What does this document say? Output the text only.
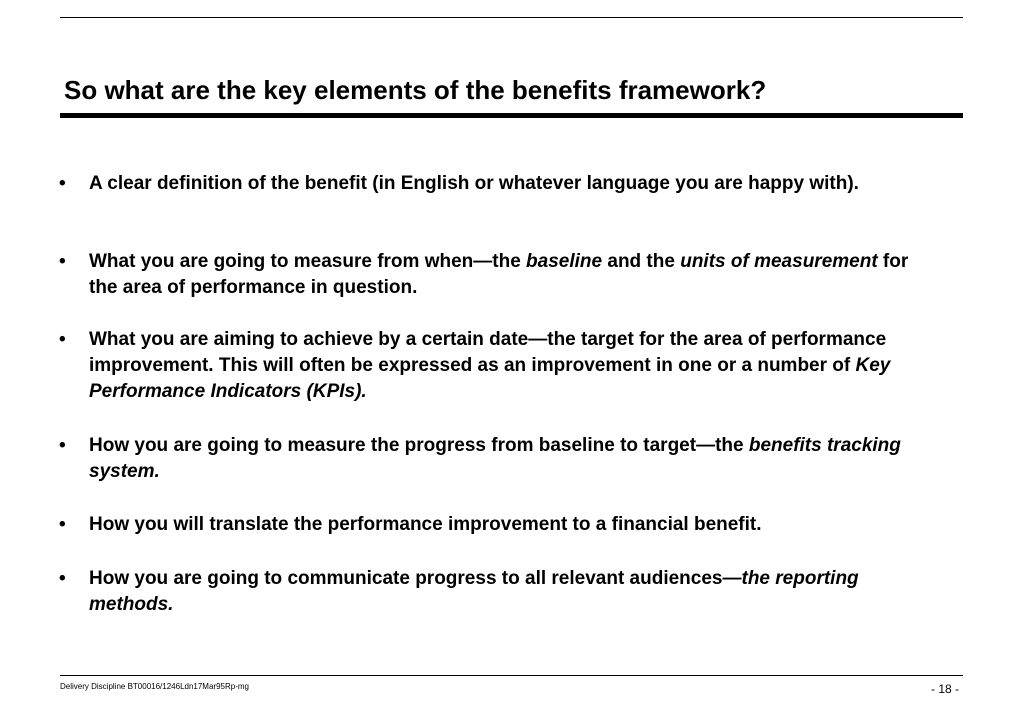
So what are the key elements of the benefits framework?
•	A clear definition of the benefit (in English or whatever language you are happy with).
•	What you are going to measure from when—the baseline and the units of measurement for the area of performance in question.
•	What you are aiming to achieve by a certain date—the target for the area of performance improvement. This will often be expressed as an improvement in one or a number of Key Performance Indicators (KPIs).
•	How you are going to measure the progress from baseline to target—the benefits tracking system.
•	How you will translate the performance improvement to a financial benefit.
•	How you are going to communicate progress to all relevant audiences—the reporting methods.
Delivery Discipline BT00016/1246Ldn17Mar95Rp-mg	- 18 -
